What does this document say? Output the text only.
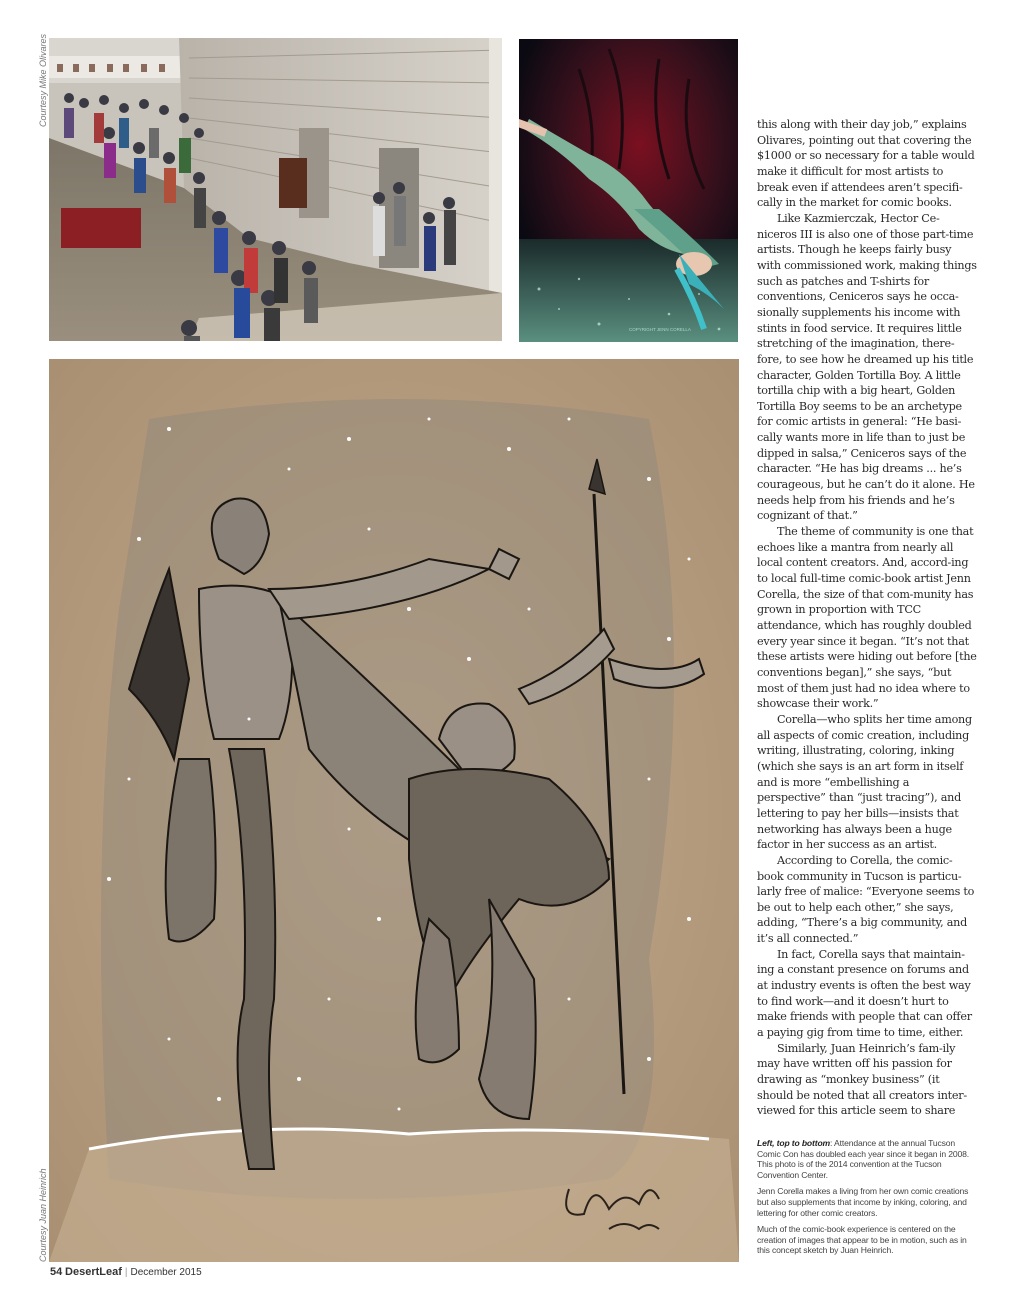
Courtesy Mike Olivares
COPYRIGHT JENN CORELLA
Courtesy Juan Heinrich

this along with their day job,” explains Olivares, pointing out that covering the $1000 or so necessary for a table would make it difficult for most artists to break even if attendees aren’t specifi-cally in the market for comic books.

Like Kazmierczak, Hector Ce-niceros III is also one of those part-time artists. Though he keeps fairly busy with commissioned work, making things such as patches and T-shirts for conventions, Ceniceros says he occa-sionally supplements his income with stints in food service. It requires little stretching of the imagination, there-fore, to see how he dreamed up his title character, Golden Tortilla Boy. A little tortilla chip with a big heart, Golden Tortilla Boy seems to be an archetype for comic artists in general: “He basi-cally wants more in life than to just be dipped in salsa,” Ceniceros says of the character. “He has big dreams ... he’s courageous, but he can’t do it alone. He needs help from his friends and he’s cognizant of that.”

The theme of community is one that echoes like a mantra from nearly all local content creators. And, accord-ing to local full-time comic-book artist Jenn Corella, the size of that com-munity has grown in proportion with TCC attendance, which has roughly doubled every year since it began. “It’s not that these artists were hiding out before [the conventions began],” she says, “but most of them just had no idea where to showcase their work.”

Corella—who splits her time among all aspects of comic creation, including writing, illustrating, coloring, inking (which she says is an art form in itself and is more “embellishing a perspective” than “just tracing”), and lettering to pay her bills—insists that networking has always been a huge factor in her success as an artist.

According to Corella, the comic-book community in Tucson is particu-larly free of malice: “Everyone seems to be out to help each other,” she says, adding, “There’s a big community, and it’s all connected.”

In fact, Corella says that maintain-ing a constant presence on forums and at industry events is often the best way to find work—and it doesn’t hurt to make friends with people that can offer a paying gig from time to time, either.

Similarly, Juan Heinrich’s fam-ily may have written off his passion for drawing as “monkey business” (it should be noted that all creators inter-viewed for this article seem to share

Left, top to bottom: Attendance at the annual Tucson Comic Con has doubled each year since it began in 2008. This photo is of the 2014 convention at the Tucson Convention Center.

Jenn Corella makes a living from her own comic creations but also supplements that income by inking, coloring, and lettering for other comic creators.

Much of the comic-book experience is centered on the creation of images that appear to be in motion, such as in this concept sketch by Juan Heinrich.

54 DesertLeaf | December 2015
